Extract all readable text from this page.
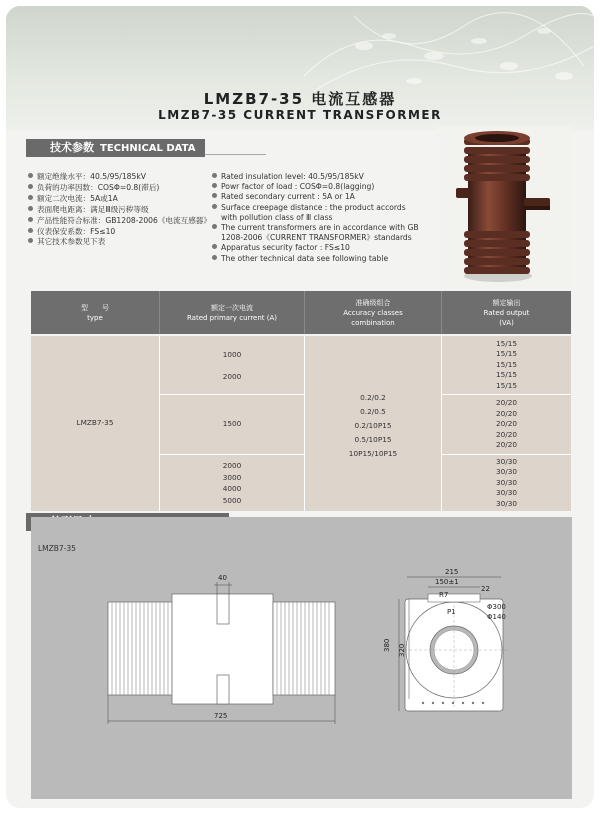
LMZB7-35 电流互感器
LMZB7-35 CURRENT TRANSFORMER
技术参数 TECHNICAL DATA
额定绝缘水平：40.5/95/185kV
负荷的功率因数：COSΦ=0.8(滞后)
额定二次电流：5A或1A
表面爬电距离：满足Ⅲ级污秽等级
产品性能符合标准：GB1208-2006《电流互感器》
仪表保安系数：FS≤10
其它技术参数见下表
Rated insulation level: 40.5/95/185kV
Powr factor of load : COSΦ=0.8(lagging)
Rated secondary current : 5A or 1A
Surface creepage distance : the product accords
with pollution class of Ⅲ class
The current transformers are in accordance with GB
1208-2006《CURRENT TRANSFORMER》standards
Apparatus security factor : FS≤10
The other technical data see following table
型　　号
type
额定一次电流
Rated primary current (A)
准确级组合
Accuracy classes
combination
额定输出
Rated output
(VA)
LMZB7-35
1000
2000
1500
2000
3000
4000
5000
0.2/0.2
0.2/0.5
0.2/10P15
0.5/10P15
10P15/10P15
15/15
15/15
15/15
15/15
15/15
20/20
20/20
20/20
20/20
20/20
30/30
30/30
30/30
30/30
30/30
LMZB7-35
40
725
215
150±1
R7
22
P1
Φ300
Φ140
380 320
